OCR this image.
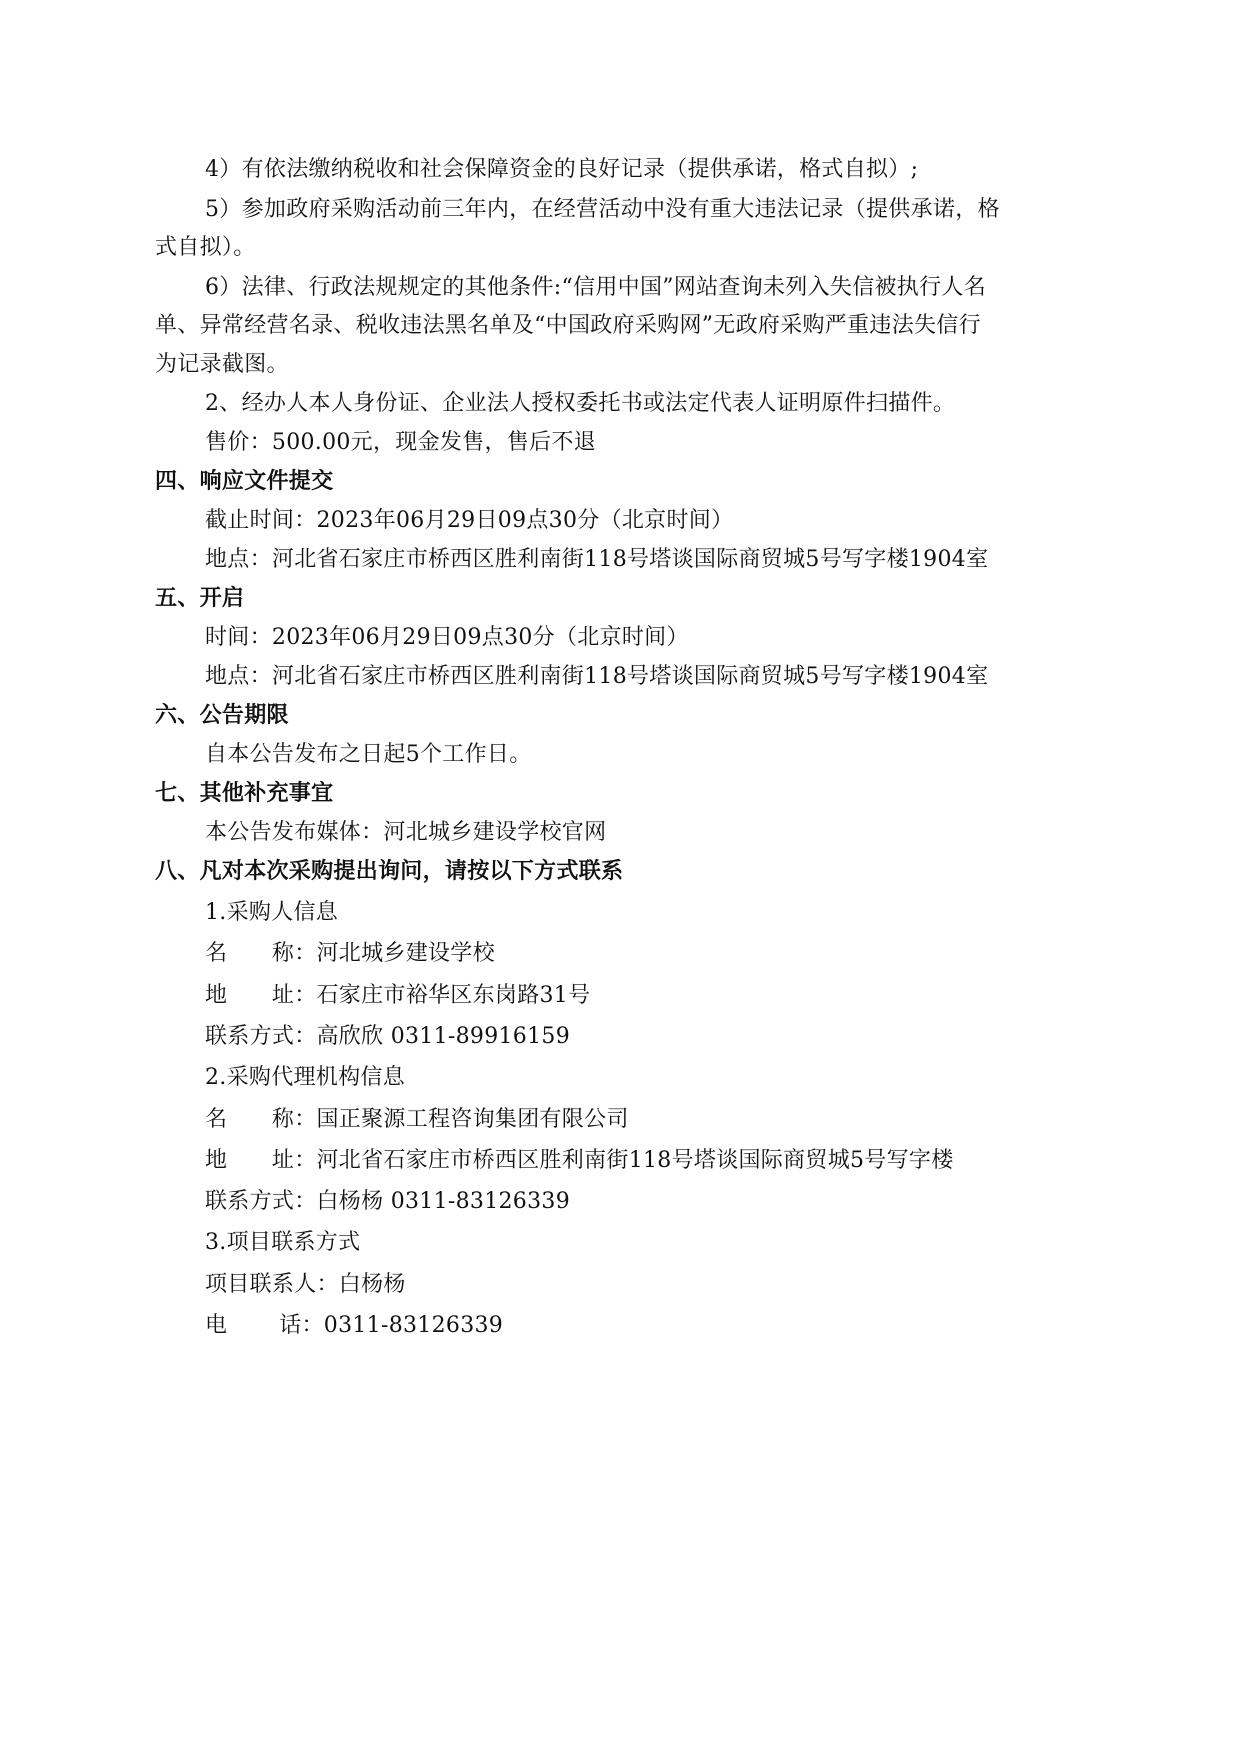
4）有依法缴纳税收和社会保障资金的良好记录（提供承诺，格式自拟）;
5）参加政府采购活动前三年内，在经营活动中没有重大违法记录（提供承诺，格
式自拟）。
6）法律、行政法规规定的其他条件:“信用中国”网站查询未列入失信被执行人名
单、异常经营名录、税收违法黑名单及“中国政府采购网”无政府采购严重违法失信行
为记录截图。
2、经办人本人身份证、企业法人授权委托书或法定代表人证明原件扫描件。
售价：500.00元，现金发售，售后不退
四、响应文件提交
截止时间：2023年06月29日09点30分（北京时间）
地点：河北省石家庄市桥西区胜利南街118号塔谈国际商贸城5号写字楼1904室
五、开启
时间：2023年06月29日09点30分（北京时间）
地点：河北省石家庄市桥西区胜利南街118号塔谈国际商贸城5号写字楼1904室
六、公告期限
自本公告发布之日起5个工作日。
七、其他补充事宜
本公告发布媒体：河北城乡建设学校官网
八、凡对本次采购提出询问，请按以下方式联系
1.采购人信息
名　　称：河北城乡建设学校
地　　址：石家庄市裕华区东岗路31号
联系方式：高欣欣 0311-89916159
2.采购代理机构信息
名　　称：国正聚源工程咨询集团有限公司
地　　址：河北省石家庄市桥西区胜利南街118号塔谈国际商贸城5号写字楼
联系方式：白杨杨 0311-83126339
3.项目联系方式
项目联系人：白杨杨
电　　 话：0311-83126339
